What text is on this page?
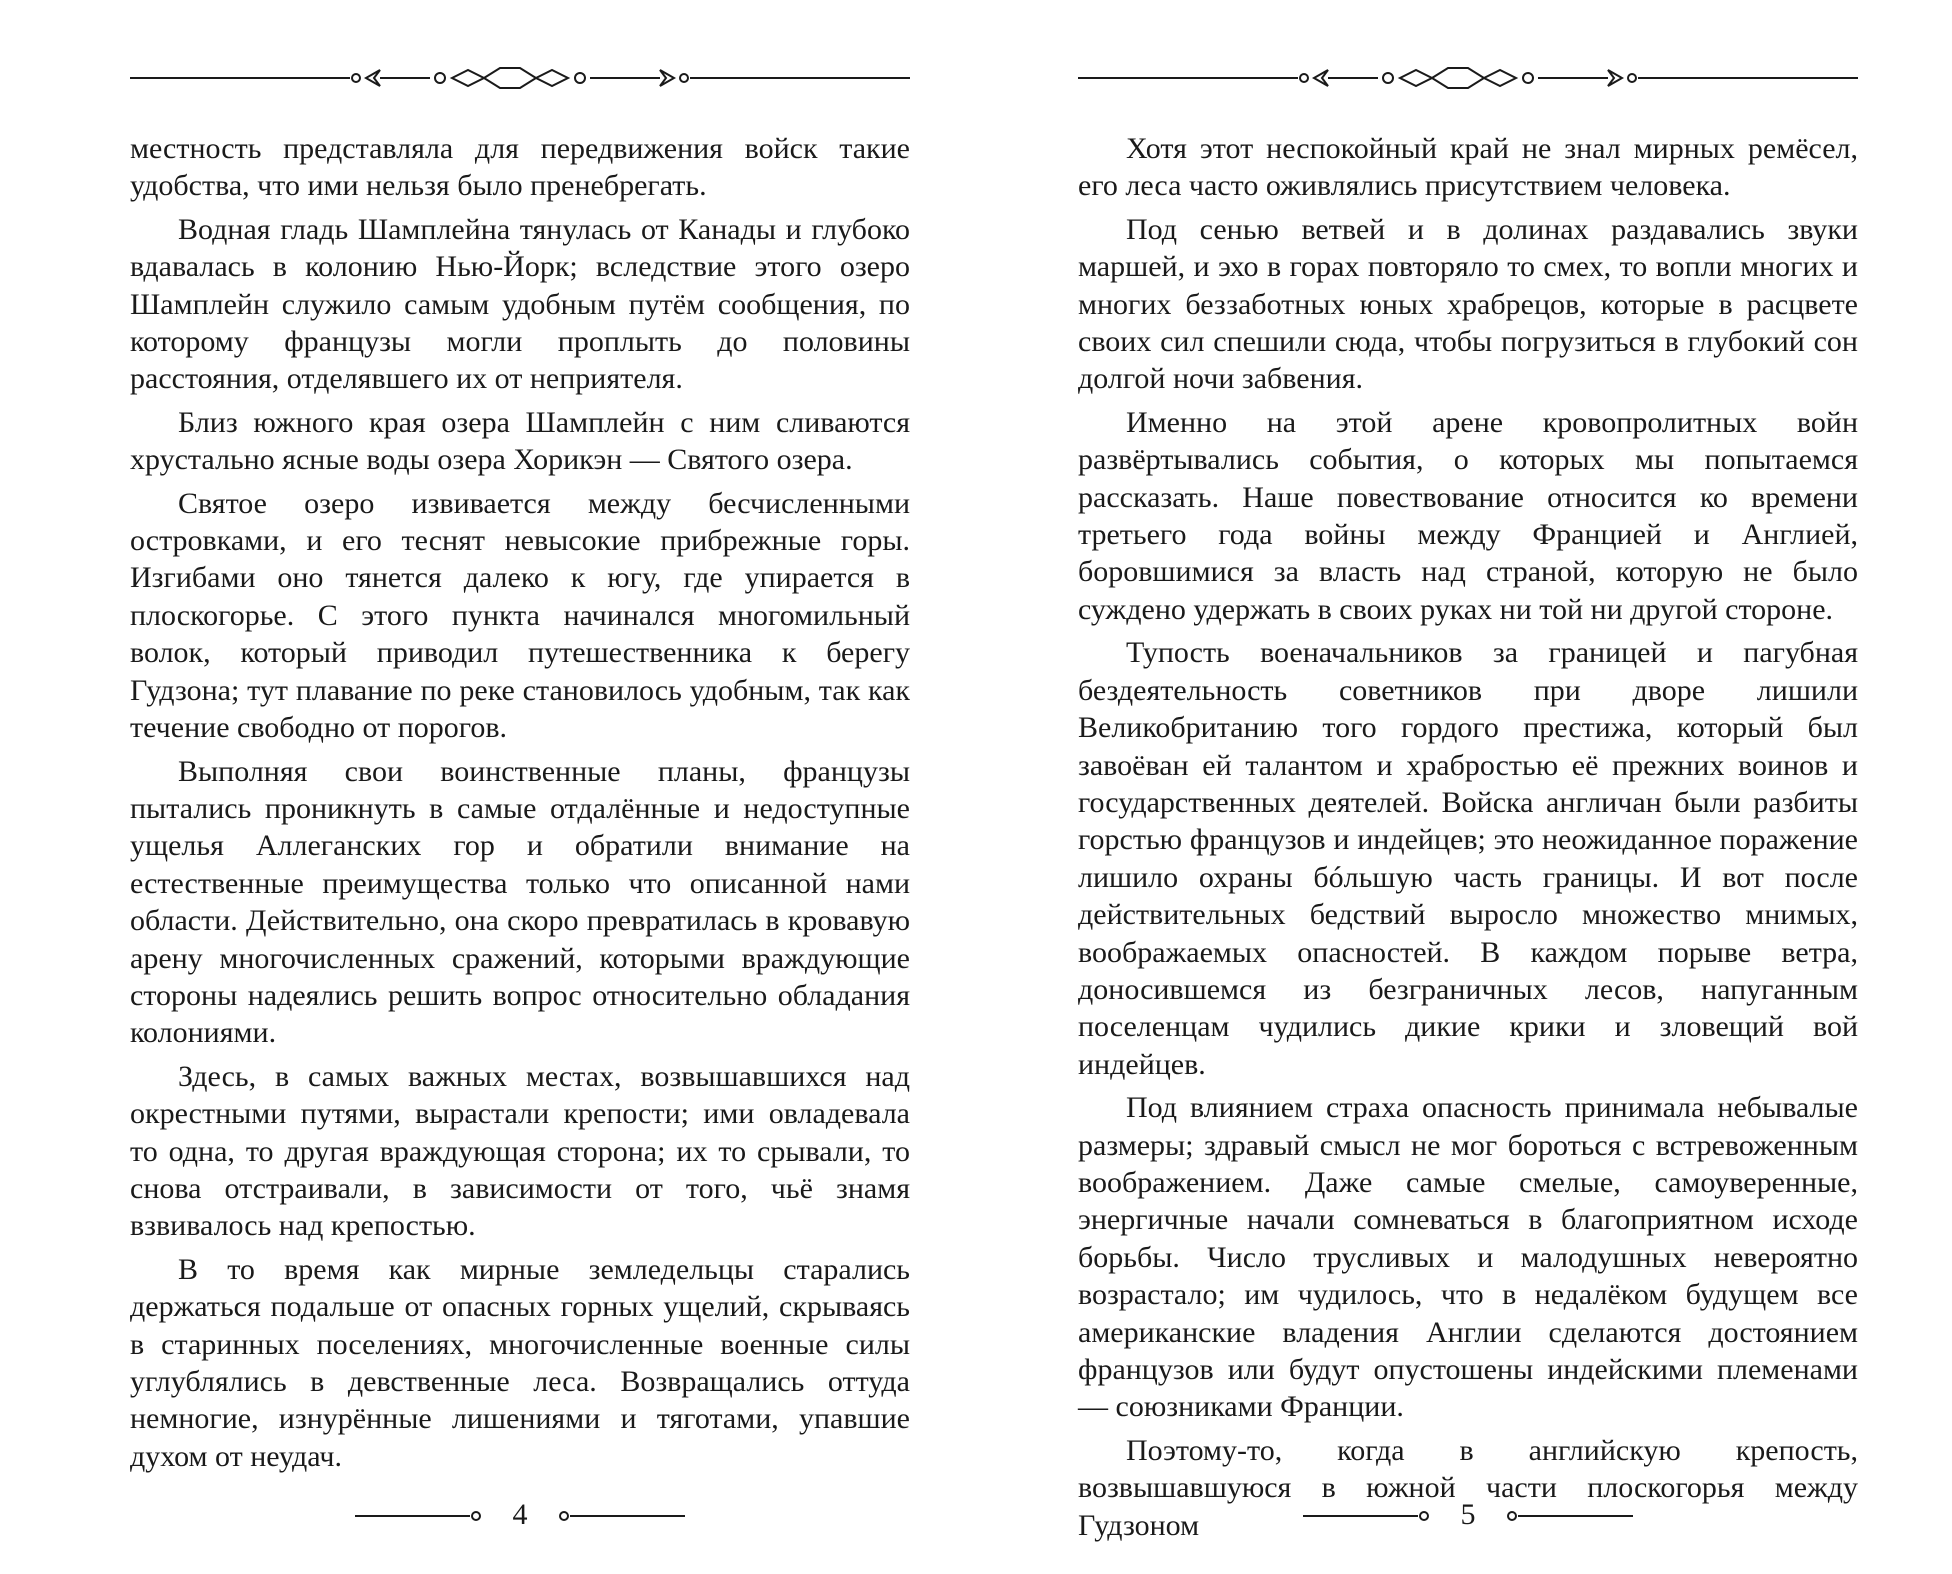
местность представляла для передвижения войск такие удобства, что ими нельзя было пренебрегать.

Водная гладь Шамплейна тянулась от Канады и глубоко вдавалась в колонию Нью-Йорк; вследствие этого озеро Шамплейн служило самым удобным путём сообщения, по которому французы могли проплыть до половины расстояния, отделявшего их от неприятеля.

Близ южного края озера Шамплейн с ним сливаются хрустально ясные воды озера Хорикэн — Святого озера.

Святое озеро извивается между бесчисленными островками, и его теснят невысокие прибрежные горы. Изгибами оно тянется далеко к югу, где упирается в плоскогорье. С этого пункта начинался многомильный волок, который приводил путешественника к берегу Гудзона; тут плавание по реке становилось удобным, так как течение свободно от порогов.

Выполняя свои воинственные планы, французы пытались проникнуть в самые отдалённые и недоступные ущелья Аллеганских гор и обратили внимание на естественные преимущества только что описанной нами области. Действительно, она скоро превратилась в кровавую арену многочисленных сражений, которыми враждующие стороны надеялись решить вопрос относительно обладания колониями.

Здесь, в самых важных местах, возвышавшихся над окрестными путями, вырастали крепости; ими овладевала то одна, то другая враждующая сторона; их то срывали, то снова отстраивали, в зависимости от того, чьё знамя взвивалось над крепостью.

В то время как мирные земледельцы старались держаться подальше от опасных горных ущелий, скрываясь в старинных поселениях, многочисленные военные силы углублялись в девственные леса. Возвращались оттуда немногие, изнурённые лишениями и тяготами, упавшие духом от неудач.

4

Хотя этот неспокойный край не знал мирных ремёсел, его леса часто оживлялись присутствием человека.

Под сенью ветвей и в долинах раздавались звуки маршей, и эхо в горах повторяло то смех, то вопли многих и многих беззаботных юных храбрецов, которые в расцвете своих сил спешили сюда, чтобы погрузиться в глубокий сон долгой ночи забвения.

Именно на этой арене кровопролитных войн развёртывались события, о которых мы попытаемся рассказать. Наше повествование относится ко времени третьего года войны между Францией и Англией, боровшимися за власть над страной, которую не было суждено удержать в своих руках ни той ни другой стороне.

Тупость военачальников за границей и пагубная бездеятельность советников при дворе лишили Великобританию того гордого престижа, который был завоёван ей талантом и храбростью её прежних воинов и государственных деятелей. Войска англичан были разбиты горстью французов и индейцев; это неожиданное поражение лишило охраны бóльшую часть границы. И вот после действительных бедствий выросло множество мнимых, воображаемых опасностей. В каждом порыве ветра, доносившемся из безграничных лесов, напуганным поселенцам чудились дикие крики и зловещий вой индейцев.

Под влиянием страха опасность принимала небывалые размеры; здравый смысл не мог бороться с встревоженным воображением. Даже самые смелые, самоуверенные, энергичные начали сомневаться в благоприятном исходе борьбы. Число трусливых и малодушных невероятно возрастало; им чудилось, что в недалёком будущем все американские владения Англии сделаются достоянием французов или будут опустошены индейскими племенами — союзниками Франции.

Поэтому-то, когда в английскую крепость, возвышавшуюся в южной части плоскогорья между Гудзоном	5
